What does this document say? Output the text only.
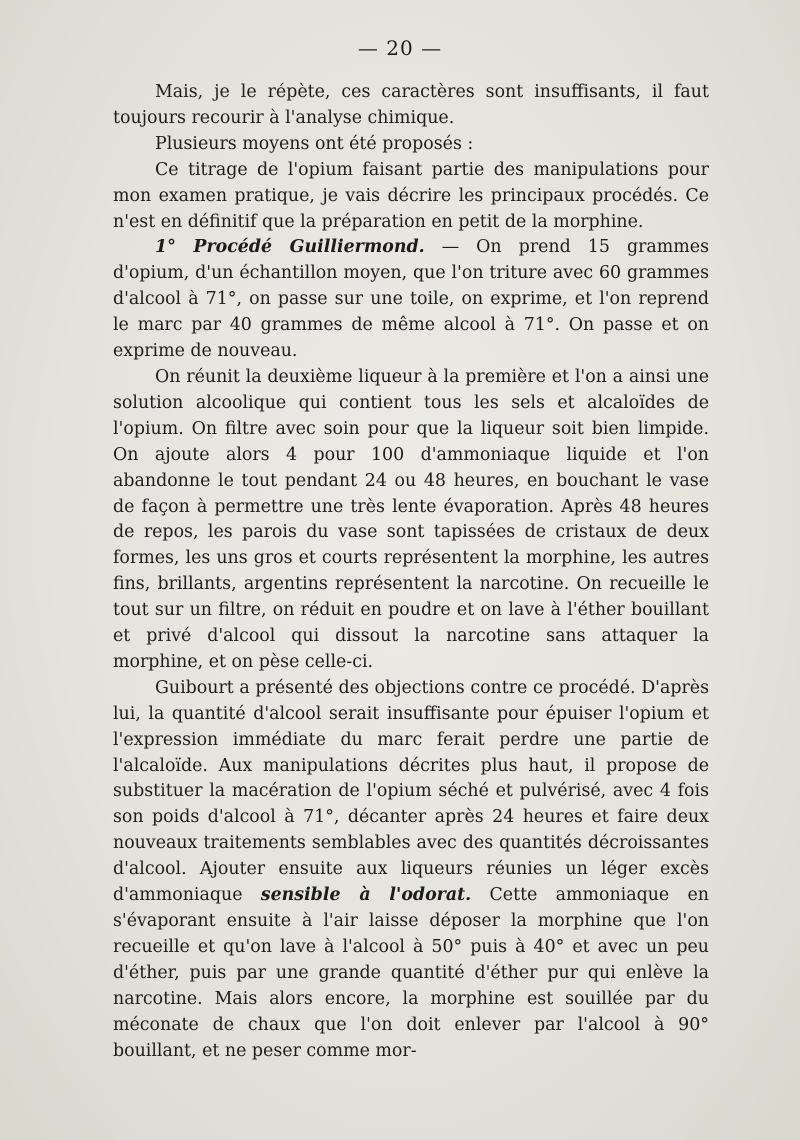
— 20 —

Mais, je le répète, ces caractères sont insuffisants, il faut toujours recourir à l'analyse chimique.

Plusieurs moyens ont été proposés :

Ce titrage de l'opium faisant partie des manipulations pour mon examen pratique, je vais décrire les principaux procédés. Ce n'est en définitif que la préparation en petit de la morphine.

1° Procédé Guilliermond. — On prend 15 grammes d'opium, d'un échantillon moyen, que l'on triture avec 60 grammes d'alcool à 71°, on passe sur une toile, on exprime, et l'on reprend le marc par 40 grammes de même alcool à 71°. On passe et on exprime de nouveau.

On réunit la deuxième liqueur à la première et l'on a ainsi une solution alcoolique qui contient tous les sels et alcaloïdes de l'opium. On filtre avec soin pour que la liqueur soit bien limpide. On ajoute alors 4 pour 100 d'ammoniaque liquide et l'on abandonne le tout pendant 24 ou 48 heures, en bouchant le vase de façon à permettre une très lente évaporation. Après 48 heures de repos, les parois du vase sont tapissées de cristaux de deux formes, les uns gros et courts représentent la morphine, les autres fins, brillants, argentins représentent la narcotine. On recueille le tout sur un filtre, on réduit en poudre et on lave à l'éther bouillant et privé d'alcool qui dissout la narcotine sans attaquer la morphine, et on pèse celle-ci.

Guibourt a présenté des objections contre ce procédé. D'après lui, la quantité d'alcool serait insuffisante pour épuiser l'opium et l'expression immédiate du marc ferait perdre une partie de l'alcaloïde. Aux manipulations décrites plus haut, il propose de substituer la macération de l'opium séché et pulvérisé, avec 4 fois son poids d'alcool à 71°, décanter après 24 heures et faire deux nouveaux traitements semblables avec des quantités décroissantes d'alcool. Ajouter ensuite aux liqueurs réunies un léger excès d'ammoniaque sensible à l'odorat. Cette ammoniaque en s'évaporant ensuite à l'air laisse déposer la morphine que l'on recueille et qu'on lave à l'alcool à 50° puis à 40° et avec un peu d'éther, puis par une grande quantité d'éther pur qui enlève la narcotine. Mais alors encore, la morphine est souillée par du méconate de chaux que l'on doit enlever par l'alcool à 90° bouillant, et ne peser comme mor-
